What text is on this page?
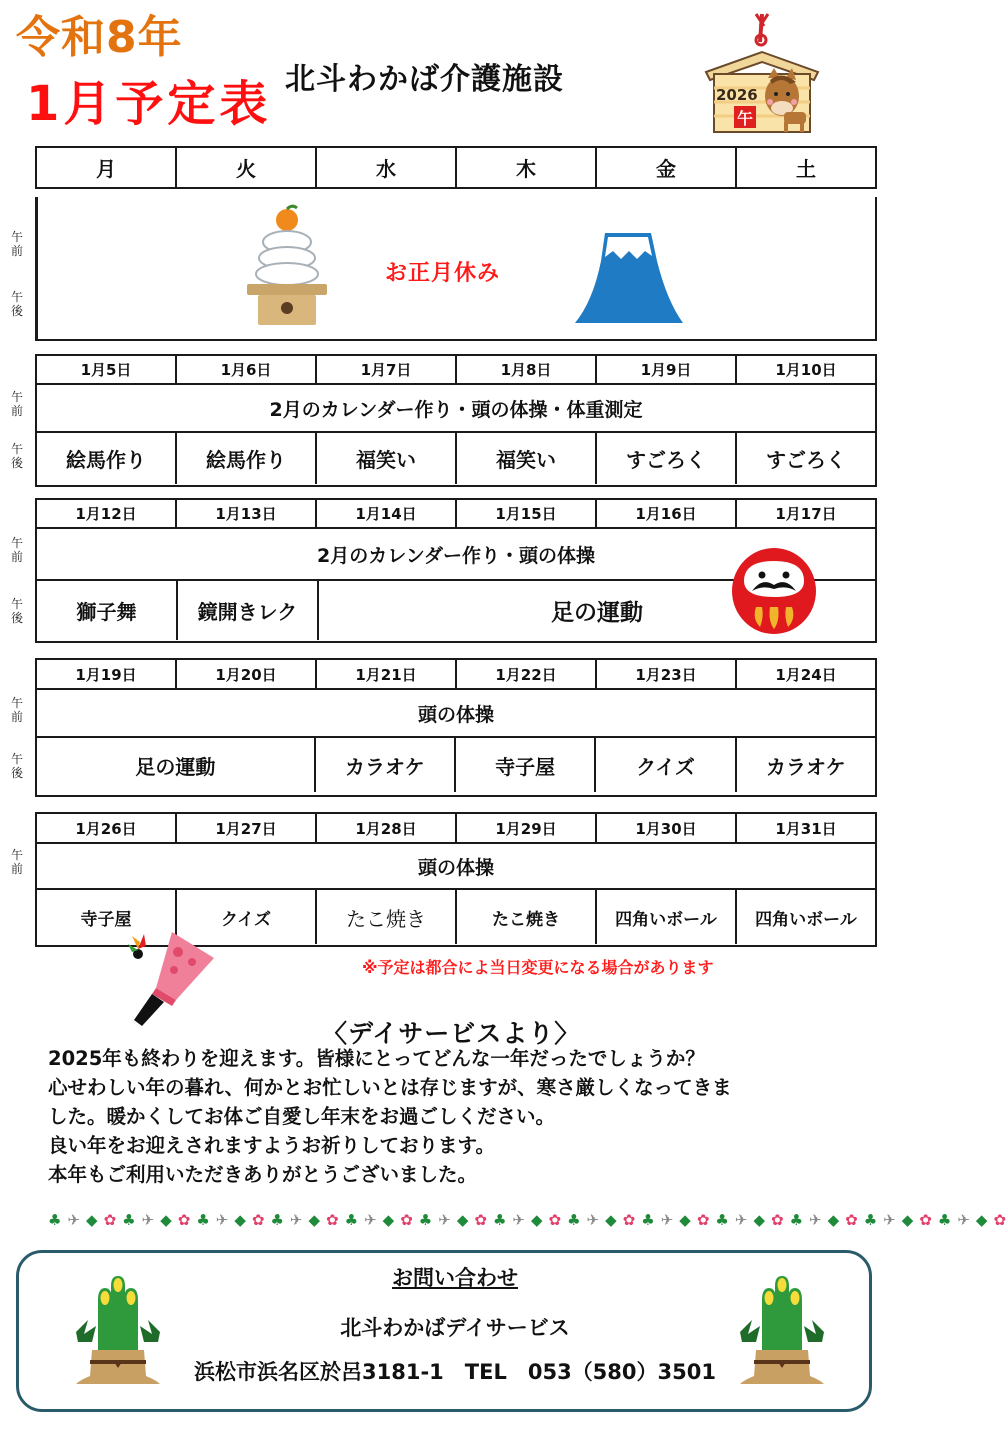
令和8年
1月予定表 北斗わかば介護施設	2026
午
月	火	水	木	金	土
午
前
午
後
お正月休み
午
前
午
後
1月5日	1月6日	1月7日	1月8日	1月9日	1月10日
2月のカレンダー作り・頭の体操・体重測定
絵馬作り	絵馬作り	福笑い	福笑い	すごろく	すごろく
午
前
午
後
1月12日	1月13日	1月14日	1月15日	1月16日	1月17日
2月のカレンダー作り・頭の体操
獅子舞	鏡開きレク	足の運動
午
前
午
後
1月19日	1月20日	1月21日	1月22日	1月23日	1月24日
頭の体操
足の運動	カラオケ	寺子屋	クイズ	カラオケ
午
前
1月26日	1月27日	1月28日	1月29日	1月30日	1月31日
頭の体操
寺子屋	クイズ	たこ焼き	たこ焼き	四角いボール	四角いボール
※予定は都合によ当日変更になる場合があります
〈デイサービスより〉
2025年も終わりを迎えます。皆様にとってどんな一年だったでしょうか？
心せわしい年の暮れ、何かとお忙しいとは存じますが、寒さ厳しくなってきま
した。暖かくしてお体ご自愛し年末をお過ごしください。
良い年をお迎えされますようお祈りしております。
本年もご利用いただきありがとうございました。
♣ ✈ ◆ ✿ ♣ ✈ ◆ ✿ ♣ ✈ ◆ ✿ ♣ ✈ ◆ ✿ ♣ ✈ ◆ ✿ ♣ ✈ ◆ ✿ ♣ ✈ ◆ ✿ ♣ ✈ ◆ ✿ ♣ ✈ ◆ ✿ ♣ ✈ ◆ ✿ ♣ ✈ ◆ ✿ ♣ ✈ ◆ ✿ ♣ ✈ ◆ ✿
お問い合わせ
北斗わかばデイサービス
浜松市浜名区於呂3181-1　TEL　053（580）3501
